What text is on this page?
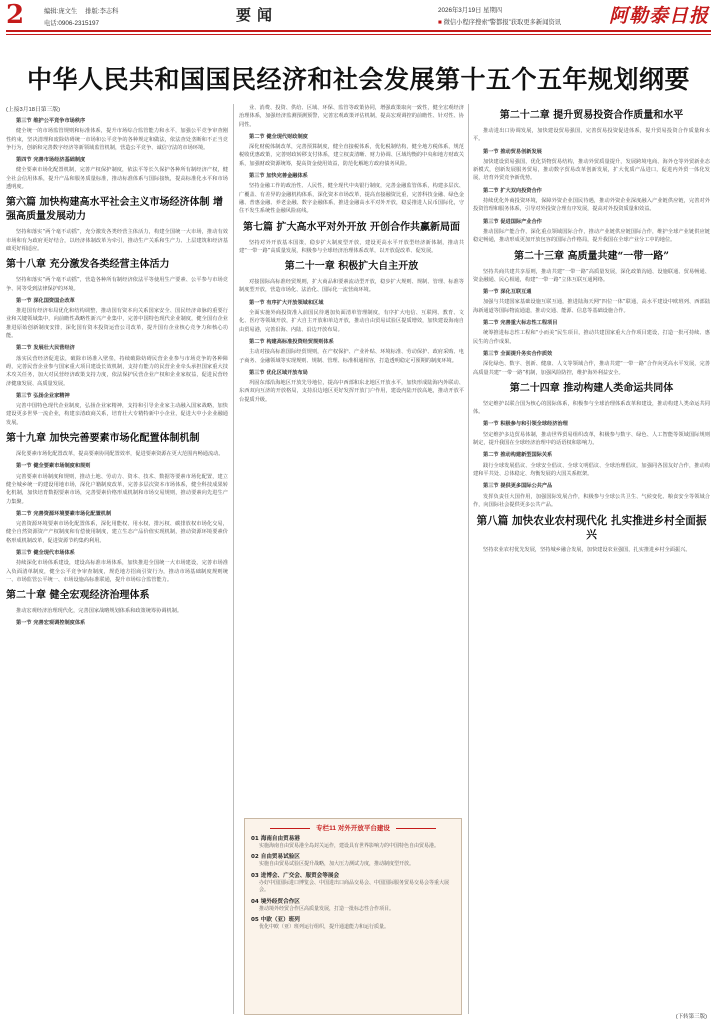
2	编辑:庞文生 排版:李志科
电话:0906-2315197	要闻	2026年3月19日 星期四
■ 微信小程序搜索“警都报”获取更多新闻资讯	阿勒泰日报
中华人民共和国国民经济和社会发展第十五个五年规划纲要
(上接3月18日第三版)
第三节 维护公平竞争市场秩序
健全统一的市场监管规则和标准体系，提升市场综合监管能力和水平，加强公平竞争审查刚性约束，坚决清理和废除妨碍统一市场和公平竞争的各种规定和做法，依法查处垄断和不正当竞争行为，创新和完善数字经济等新领域监管机制，营造公平竞争、诚信守法的市场环境。
第四节 完善市场经济基础制度
健全要素市场化配置机制，完善产权保护制度，依法平等长久保护各种所有制经济产权，健全社会信用体系，提升产品和服务质量标准，推动标准体系与国际接轨，提高标准化水平和市场透明度。
第六篇 加快构建高水平社会主义市场经济体制 增强高质量发展动力
坚持和落实“两个毫不动摇”，充分激发各类经营主体活力，构建全国统一大市场，推动有效市场和有为政府更好结合，以经济体制改革为牵引，推动生产关系和生产力、上层建筑和经济基础更好相适应。
第十八章 充分激发各类经营主体活力
坚持和落实“两个毫不动摇”，营造各种所有制经济依法平等使用生产要素、公平参与市场竞争、同等受到法律保护的环境。
第一节 深化国资国企改革
推进国有经济布局优化和结构调整，推动国有资本向关系国家安全、国民经济命脉的重要行业和关键领域集中，向前瞻性战略性新兴产业集中，完善中国特色现代企业制度，健全国有企业推进原始创新制度安排，深化国有资本投资运营公司改革，提升国有企业核心竞争力和核心功能。
第二节 发展壮大民营经济
落实民营经济促进法，破除市场准入壁垒，持续破除妨碍民营企业参与市场竞争的各种障碍，完善民营企业参与国家重大项目建设长效机制，支持有能力的民营企业牵头承担国家重大技术攻关任务，加大对民营经济政策支持力度，依法保护民营企业产权和企业家权益，促进民营经济健康发展、高质量发展。
第三节 弘扬企业家精神
完善中国特色现代企业制度，弘扬企业家精神，支持和引导企业家主动融入国家战略，加快建设更多世界一流企业，构建亲清政商关系，培育壮大专精特新中小企业，促进大中小企业融通发展。
第十九章 加快完善要素市场化配置体制机制
深化要素市场化配置改革，提高要素协同配置效率，促进要素资源在更大范围内畅通流动。
第一节 健全要素市场制度和规则
完善要素市场制度和规则，推动土地、劳动力、资本、技术、数据等要素市场化配置，建立健全城乡统一的建设用地市场，深化户籍制度改革，完善多层次资本市场体系，健全科技成果转化机制，加快培育数据要素市场，完善要素价格形成机制和市场交易规则，推动要素向先进生产力集聚。
第二节 完善资源环境要素市场化配置机制
完善资源环境要素市场化配置体系，深化用能权、用水权、排污权、碳排放权市场化交易，健全自然资源资产产权制度和有偿使用制度，建立生态产品价值实现机制，推动资源环境要素价格形成机制改革，促进资源节约集约利用。
第三节 健全现代市场体系
持续深化市场体系建设，建设高标准市场体系，加快推进全国统一大市场建设，完善市场准入负面清单制度，健全公平竞争审查制度，规范地方招商引资行为，推动市场基础制度规则统一、市场监管公平统一、市场设施高标准联通，提升市场综合监管能力。
第二十章 健全宏观经济治理体系
推动宏观经济治理现代化，完善国家战略规划体系和政策统筹协调机制。
第一节 完善宏观调控制度体系
业、消费、投资、供给、区域、环保、监管等政策协同，增强政策取向一致性，健全宏观经济治理体系，加强经济监测预测预警，完善宏观政策评估机制，提高宏观调控的前瞻性、针对性、协同性。
第二节 健全现代财政制度
深化财税体制改革，完善预算制度，健全直接税体系，优化税制结构，健全地方税体系，规范税收优惠政策，完善财政转移支付体系，建立权责清晰、财力协调、区域均衡的中央和地方财政关系，加强财政资源统筹，提高资金使用效益，防范化解地方政府债务风险。
第三节 加快完善金融体系
坚持金融工作的政治性、人民性，健全现代中央银行制度，完善金融监管体系，构建多层次、广覆盖、有差异的金融机构体系，深化资本市场改革，提高直接融资比重，完善科技金融、绿色金融、普惠金融、养老金融、数字金融体系，推进金融高水平对外开放，稳妥推进人民币国际化，守住不发生系统性金融风险底线。
第七篇 扩大高水平对外开放 开创合作共赢新局面
坚持对外开放基本国策，稳步扩大制度型开放，建设更高水平开放型经济新体制，推动共建“一带一路”高质量发展，积极参与全球经济治理体系改革，以开放促改革、促发展。
第二十一章 积极扩大自主开放
对接国际高标准经贸规则，扩大商品和要素流动型开放，稳步扩大规则、规制、管理、标准等制度型开放，营造市场化、法治化、国际化一流营商环境。
第一节 有序扩大开放领域和区域
全面实施外商投资准入前国民待遇加负面清单管理制度，有序扩大电信、互联网、教育、文化、医疗等领域开放，扩大自主开放和单边开放，推动自由贸易试验区提质增效，加快建设海南自由贸易港，完善沿海、内陆、沿边开放布局。
第二节 构建高标准投资经贸规则体系
主动对接高标准国际经贸规则，在产权保护、产业补贴、环境标准、劳动保护、政府采购、电子商务、金融领域等实现规则、规制、管理、标准相通相容，打造透明稳定可预期的制度环境。
第三节 优化区域开放布局
巩固东部沿海地区开放先导地位，提高中西部和东北地区开放水平，加快形成陆海内外联动、东西双向互济的开放格局，支持沿边地区更好发挥开放门户作用，建设内陆开放高地，推动开放平台提质升级。
第二十二章 提升贸易投资合作质量和水平
推动进出口协调发展，加快建设贸易强国，完善贸易投资促进体系，提升贸易投资合作质量和水平。
第一节 推动贸易创新发展
加快建设贸易强国，优化货物贸易结构，推动外贸质量提升，发展跨境电商、海外仓等外贸新业态新模式，创新发展服务贸易，推动数字贸易改革创新发展，扩大优质产品进口，促进内外贸一体化发展，培育外贸竞争新优势。
第二节 扩大双向投资合作
持续优化外商投资环境，保障外资企业国民待遇，推动外资企业深度融入产业链供应链，完善对外投资管理和服务体系，引导对外投资合理有序发展，提高对外投资质量和效益。
第三节 促进国际产业合作
推动国际产能合作，深化重点领域国际合作，推动产业链供应链国际合作，维护全球产业链供应链稳定畅通，推动形成更加开放包容的国际合作格局，提升我国在全球产业分工中的地位。
第二十三章 高质量共建“一带一路”
坚持共商共建共享原则，推动共建“一带一路”高质量发展，深化政策沟通、设施联通、贸易畅通、资金融通、民心相通，构建“一带一路”立体互联互通网络。
第一节 深化互联互通
加强与共建国家基础设施互联互通，推进陆海天网“四位一体”联通，高水平建设中欧班列、西部陆海新通道等国际物流通道，推动交通、能源、信息等基础设施合作。
第二节 完善重大标志性工程项目
统筹推进标志性工程和“小而美”民生项目，推动共建国家重大合作项目建设，打造一批可持续、惠民生的合作成果。
第三节 全面提升务实合作质效
深化绿色、数字、创新、健康、人文等领域合作，推动共建“一带一路”合作向更高水平发展，完善高质量共建“一带一路”机制，加强风险防控，维护海外利益安全。
第二十四章 推动构建人类命运共同体
坚定维护以联合国为核心的国际体系，积极参与全球治理体系改革和建设，推动构建人类命运共同体。
第一节 积极参与和引领全球经济治理
坚定维护多边贸易体制，推动世界贸易组织改革，积极参与数字、绿色、人工智能等领域国际规则制定，提升我国在全球经济治理中的话语权和影响力。
第二节 推动构建新型国际关系
践行全球发展倡议、全球安全倡议、全球文明倡议、全球治理倡议，加强同各国友好合作，推动构建和平共处、总体稳定、均衡发展的大国关系框架。
第三节 提供更多国际公共产品
发挥负责任大国作用，加强国际发展合作，积极参与全球公共卫生、气候变化、粮食安全等领域合作，向国际社会提供更多公共产品。
第八篇 加快农业农村现代化 扎实推进乡村全面振兴
坚持农业农村优先发展，坚持城乡融合发展，加快建设农业强国，扎实推进乡村全面振兴。
专栏11 对外开放平台建设
01 海南自由贸易港
实施海南自由贸易港全岛封关运作，建设具有世界影响力的中国特色自由贸易港。
02 自由贸易试验区
实施自由贸易试验区提升战略，加大压力测试力度，推动制度型开放。
03 进博会、广交会、服贸会等展会
办好中国国际进口博览会、中国进出口商品交易会、中国国际服务贸易交易会等重大展会。
04 境外经贸合作区
推动境外经贸合作区高质量发展，打造一批标志性合作项目。
05 中欧（亚）班列
优化中欧（亚）班列运行组织，提升通道能力和运行质量。
(下转第三版)
